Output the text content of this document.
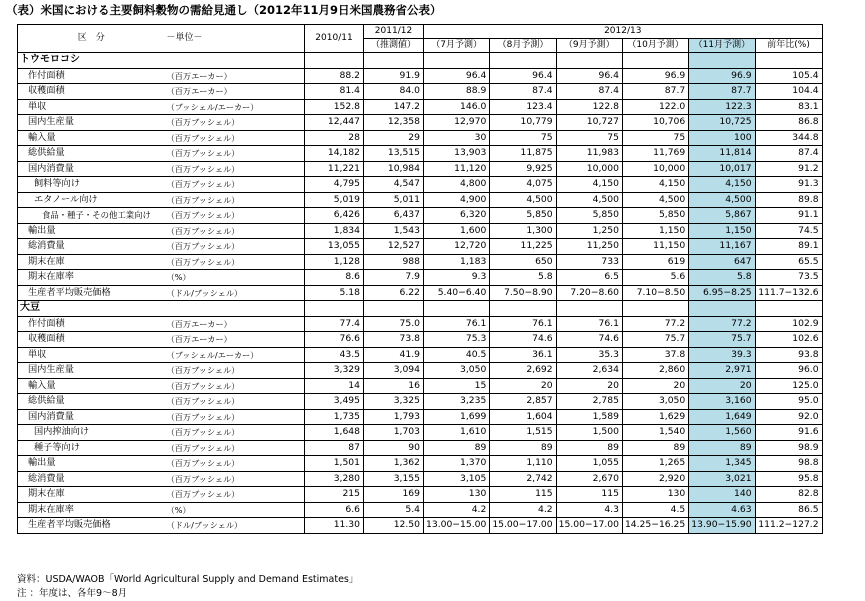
（表）米国における主要飼料穀物の需給見通し（2012年11月9日米国農務省公表）
区　分	－単位－	2010/11	2011/12	2012/13					
			（推測値）	（7月予測）	（8月予測）	（9月予測）	（10月予測）	（11月予測）	前年比(%)
トウモロコシ									
作付面積	（百万エーカー）	88.2	91.9	96.4	96.4	96.4	96.9	96.9	105.4
収穫面積	（百万エーカー）	81.4	84.0	88.9	87.4	87.4	87.7	87.7	104.4
単収	（ブッシェル/エーカー）	152.8	147.2	146.0	123.4	122.8	122.0	122.3	83.1
国内生産量	（百万ブッシェル）	12,447	12,358	12,970	10,779	10,727	10,706	10,725	86.8
輸入量	（百万ブッシェル）	28	29	30	75	75	75	100	344.8
総供給量	（百万ブッシェル）	14,182	13,515	13,903	11,875	11,983	11,769	11,814	87.4
国内消費量	（百万ブッシェル）	11,221	10,984	11,120	9,925	10,000	10,000	10,017	91.2
飼料等向け	（百万ブッシェル）	4,795	4,547	4,800	4,075	4,150	4,150	4,150	91.3
エタノール向け	（百万ブッシェル）	5,019	5,011	4,900	4,500	4,500	4,500	4,500	89.8
食品・種子・その他工業向け	（百万ブッシェル）	6,426	6,437	6,320	5,850	5,850	5,850	5,867	91.1
輸出量	（百万ブッシェル）	1,834	1,543	1,600	1,300	1,250	1,150	1,150	74.5
総消費量	（百万ブッシェル）	13,055	12,527	12,720	11,225	11,250	11,150	11,167	89.1
期末在庫	（百万ブッシェル）	1,128	988	1,183	650	733	619	647	65.5
期末在庫率	（%）	8.6	7.9	9.3	5.8	6.5	5.6	5.8	73.5
生産者平均販売価格	（ドル/ブッシェル）	5.18	6.22	5.40−6.40	7.50−8.90	7.20−8.60	7.10−8.50	6.95−8.25	111.7−132.6
大豆									
作付面積	（百万エーカー）	77.4	75.0	76.1	76.1	76.1	77.2	77.2	102.9
収穫面積	（百万エーカー）	76.6	73.8	75.3	74.6	74.6	75.7	75.7	102.6
単収	（ブッシェル/エーカー）	43.5	41.9	40.5	36.1	35.3	37.8	39.3	93.8
国内生産量	（百万ブッシェル）	3,329	3,094	3,050	2,692	2,634	2,860	2,971	96.0
輸入量	（百万ブッシェル）	14	16	15	20	20	20	20	125.0
総供給量	（百万ブッシェル）	3,495	3,325	3,235	2,857	2,785	3,050	3,160	95.0
国内消費量	（百万ブッシェル）	1,735	1,793	1,699	1,604	1,589	1,629	1,649	92.0
国内搾油向け	（百万ブッシェル）	1,648	1,703	1,610	1,515	1,500	1,540	1,560	91.6
種子等向け	（百万ブッシェル）	87	90	89	89	89	89	89	98.9
輸出量	（百万ブッシェル）	1,501	1,362	1,370	1,110	1,055	1,265	1,345	98.8
総消費量	（百万ブッシェル）	3,280	3,155	3,105	2,742	2,670	2,920	3,021	95.8
期末在庫	（百万ブッシェル）	215	169	130	115	115	130	140	82.8
期末在庫率	（%）	6.6	5.4	4.2	4.2	4.3	4.5	4.63	86.5
生産者平均販売価格	（ドル/ブッシェル）	11.30	12.50	13.00−15.00	15.00−17.00	15.00−17.00	14.25−16.25	13.90−15.90	111.2−127.2
資料：USDA/WAOB「World Agricultural Supply and Demand Estimates」
注 ：年度は、各年9～8月
